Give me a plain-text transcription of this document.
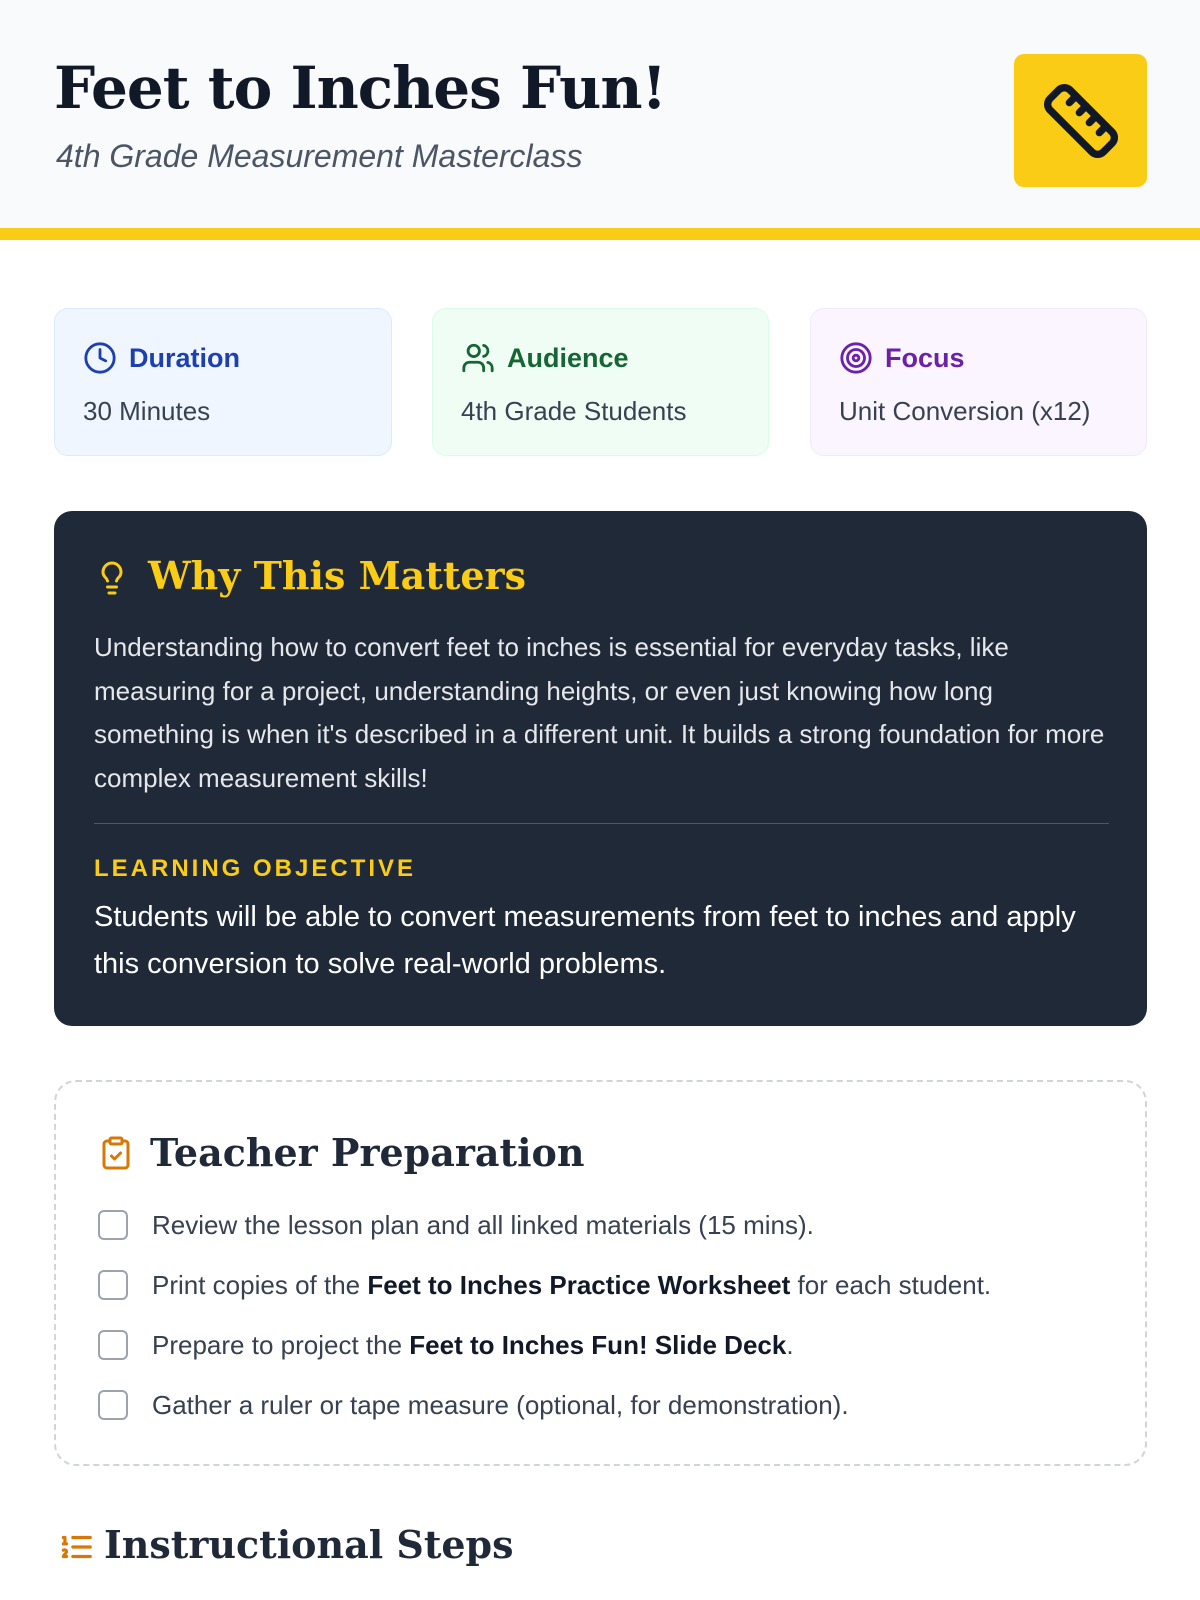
Feet to Inches Fun!
4th Grade Measurement Masterclass
Duration
30 Minutes
Audience
4th Grade Students
Focus
Unit Conversion (x12)
Why This Matters
Understanding how to convert feet to inches is essential for everyday tasks, like measuring for a project, understanding heights, or even just knowing how long something is when it's described in a different unit. It builds a strong foundation for more complex measurement skills!
LEARNING OBJECTIVE
Students will be able to convert measurements from feet to inches and apply this conversion to solve real-world problems.
Teacher Preparation
Review the lesson plan and all linked materials (15 mins).
Print copies of the Feet to Inches Practice Worksheet for each student.
Prepare to project the Feet to Inches Fun! Slide Deck.
Gather a ruler or tape measure (optional, for demonstration).
Instructional Steps
